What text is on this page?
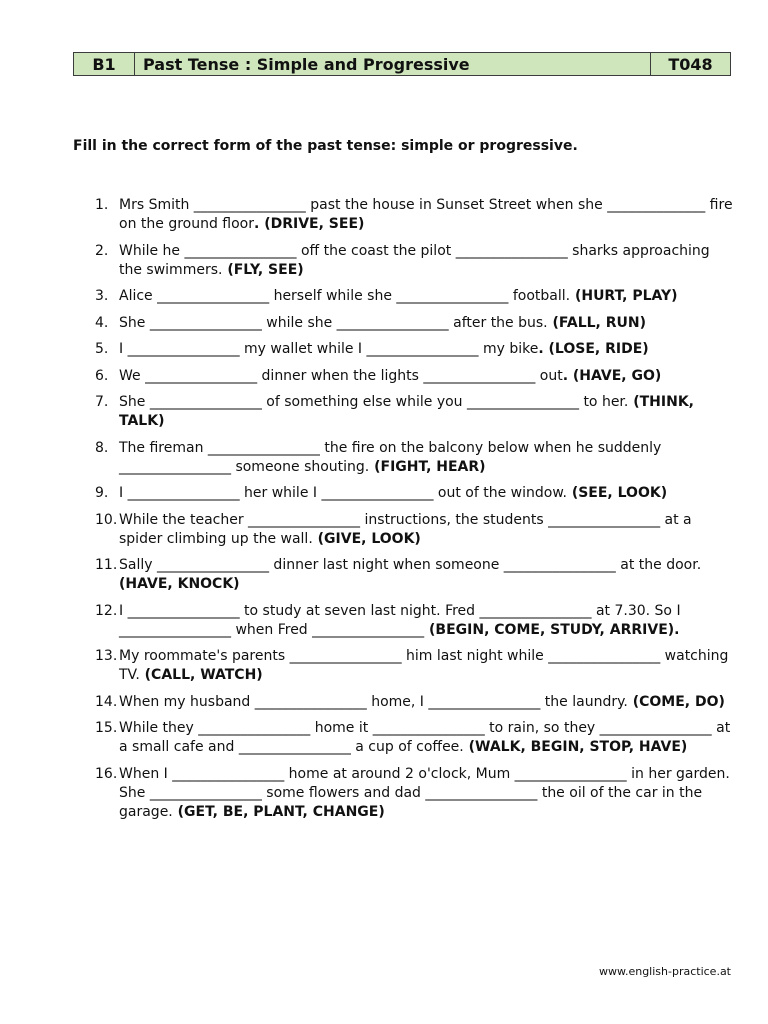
B1	Past Tense : Simple and Progressive	T048

Fill in the correct form of the past tense: simple or progressive.

1. Mrs Smith ________________ past the house in Sunset Street when she ______________ fire on the ground floor. (DRIVE, SEE)
2. While he ________________ off the coast the pilot ________________ sharks approaching the swimmers. (FLY, SEE)
3. Alice ________________ herself while she ________________ football. (HURT, PLAY)
4. She ________________ while she ________________ after the bus. (FALL, RUN)
5. I ________________ my wallet while I ________________ my bike. (LOSE, RIDE)
6. We ________________ dinner when the lights ________________ out. (HAVE, GO)
7. She ________________ of something else while you ________________ to her. (THINK, TALK)
8. The fireman ________________ the fire on the balcony below when he suddenly ________________ someone shouting. (FIGHT, HEAR)
9. I ________________ her while I ________________ out of the window. (SEE, LOOK)
10. While the teacher ________________ instructions, the students ________________ at a spider climbing up the wall. (GIVE, LOOK)
11. Sally ________________ dinner last night when someone ________________ at the door. (HAVE, KNOCK)
12. I ________________ to study at seven last night. Fred ________________ at 7.30. So I ________________ when Fred ________________ (BEGIN, COME, STUDY, ARRIVE).
13. My roommate's parents ________________ him last night while ________________ watching TV. (CALL, WATCH)
14. When my husband ________________ home, I ________________ the laundry. (COME, DO)
15. While they ________________ home it ________________ to rain, so they ________________ at a small cafe and ________________ a cup of coffee. (WALK, BEGIN, STOP, HAVE)
16. When I ________________ home at around 2 o'clock, Mum ________________ in her garden. She ________________ some flowers and dad ________________ the oil of the car in the garage. (GET, BE, PLANT, CHANGE)
www.english-practice.at
